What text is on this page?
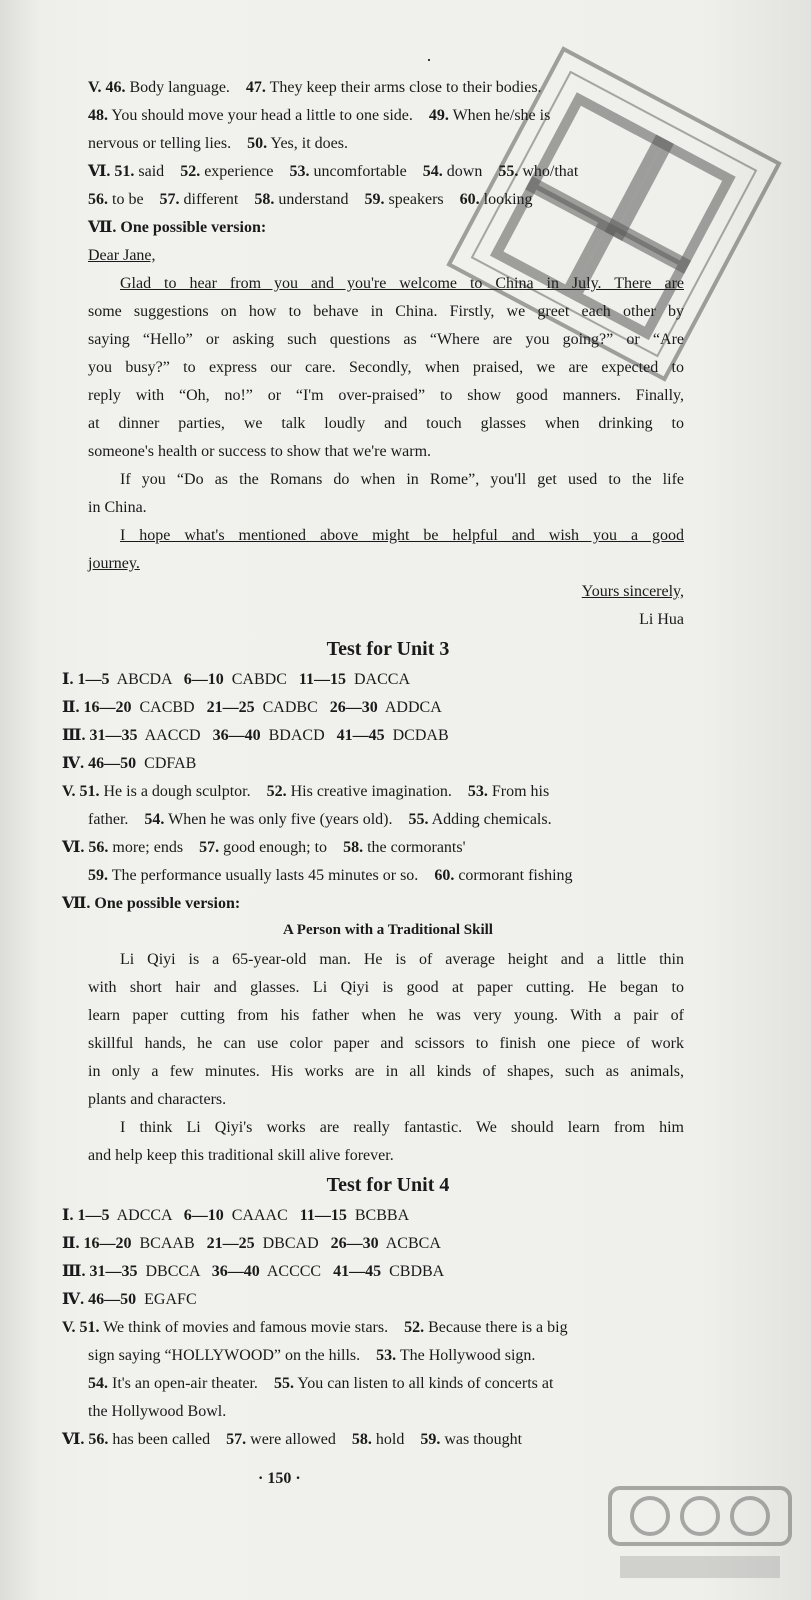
·
V. 46. Body language.    47. They keep their arms close to their bodies.
48. You should move your head a little to one side.    49. When he/she is
nervous or telling lies.    50. Yes, it does.
Ⅵ. 51. said    52. experience    53. uncomfortable    54. down    55. who/that
56. to be    57. different    58. understand    59. speakers    60. looking
Ⅶ. One possible version:
Dear Jane,
Glad to hear from you and you're welcome to China in July. There are
some suggestions on how to behave in China. Firstly, we greet each other by
saying “Hello” or asking such questions as “Where are you going?” or “Are
you busy?” to express our care. Secondly, when praised, we are expected to
reply with “Oh, no!” or “I'm over-praised” to show good manners. Finally,
at dinner parties, we talk loudly and touch glasses when drinking to
someone's health or success to show that we're warm.
If you “Do as the Romans do when in Rome”, you'll get used to the life
in China.
I hope what's mentioned above might be helpful and wish you a good
journey.
Yours sincerely,
Li Hua
Test for Unit 3
Ⅰ. 1—5  ABCDA   6—10  CABDC   11—15  DACCA
Ⅱ. 16—20  CACBD   21—25  CADBC   26—30  ADDCA
Ⅲ. 31—35  AACCD   36—40  BDACD   41—45  DCDAB
Ⅳ. 46—50  CDFAB
V. 51. He is a dough sculptor.    52. His creative imagination.    53. From his
father.    54. When he was only five (years old).    55. Adding chemicals.
Ⅵ. 56. more; ends    57. good enough; to    58. the cormorants'
59. The performance usually lasts 45 minutes or so.    60. cormorant fishing
Ⅶ. One possible version:
A Person with a Traditional Skill
Li Qiyi is a 65-year-old man. He is of average height and a little thin
with short hair and glasses. Li Qiyi is good at paper cutting. He began to
learn paper cutting from his father when he was very young. With a pair of
skillful hands, he can use color paper and scissors to finish one piece of work
in only a few minutes. His works are in all kinds of shapes, such as animals,
plants and characters.
I think Li Qiyi's works are really fantastic. We should learn from him
and help keep this traditional skill alive forever.
Test for Unit 4
Ⅰ. 1—5  ADCCA   6—10  CAAAC   11—15  BCBBA
Ⅱ. 16—20  BCAAB   21—25  DBCAD   26—30  ACBCA
Ⅲ. 31—35  DBCCA   36—40  ACCCC   41—45  CBDBA
Ⅳ. 46—50  EGAFC
V. 51. We think of movies and famous movie stars.    52. Because there is a big
sign saying “HOLLYWOOD” on the hills.    53. The Hollywood sign.
54. It's an open-air theater.    55. You can listen to all kinds of concerts at
the Hollywood Bowl.
Ⅵ. 56. has been called    57. were allowed    58. hold    59. was thought
· 150 ·
